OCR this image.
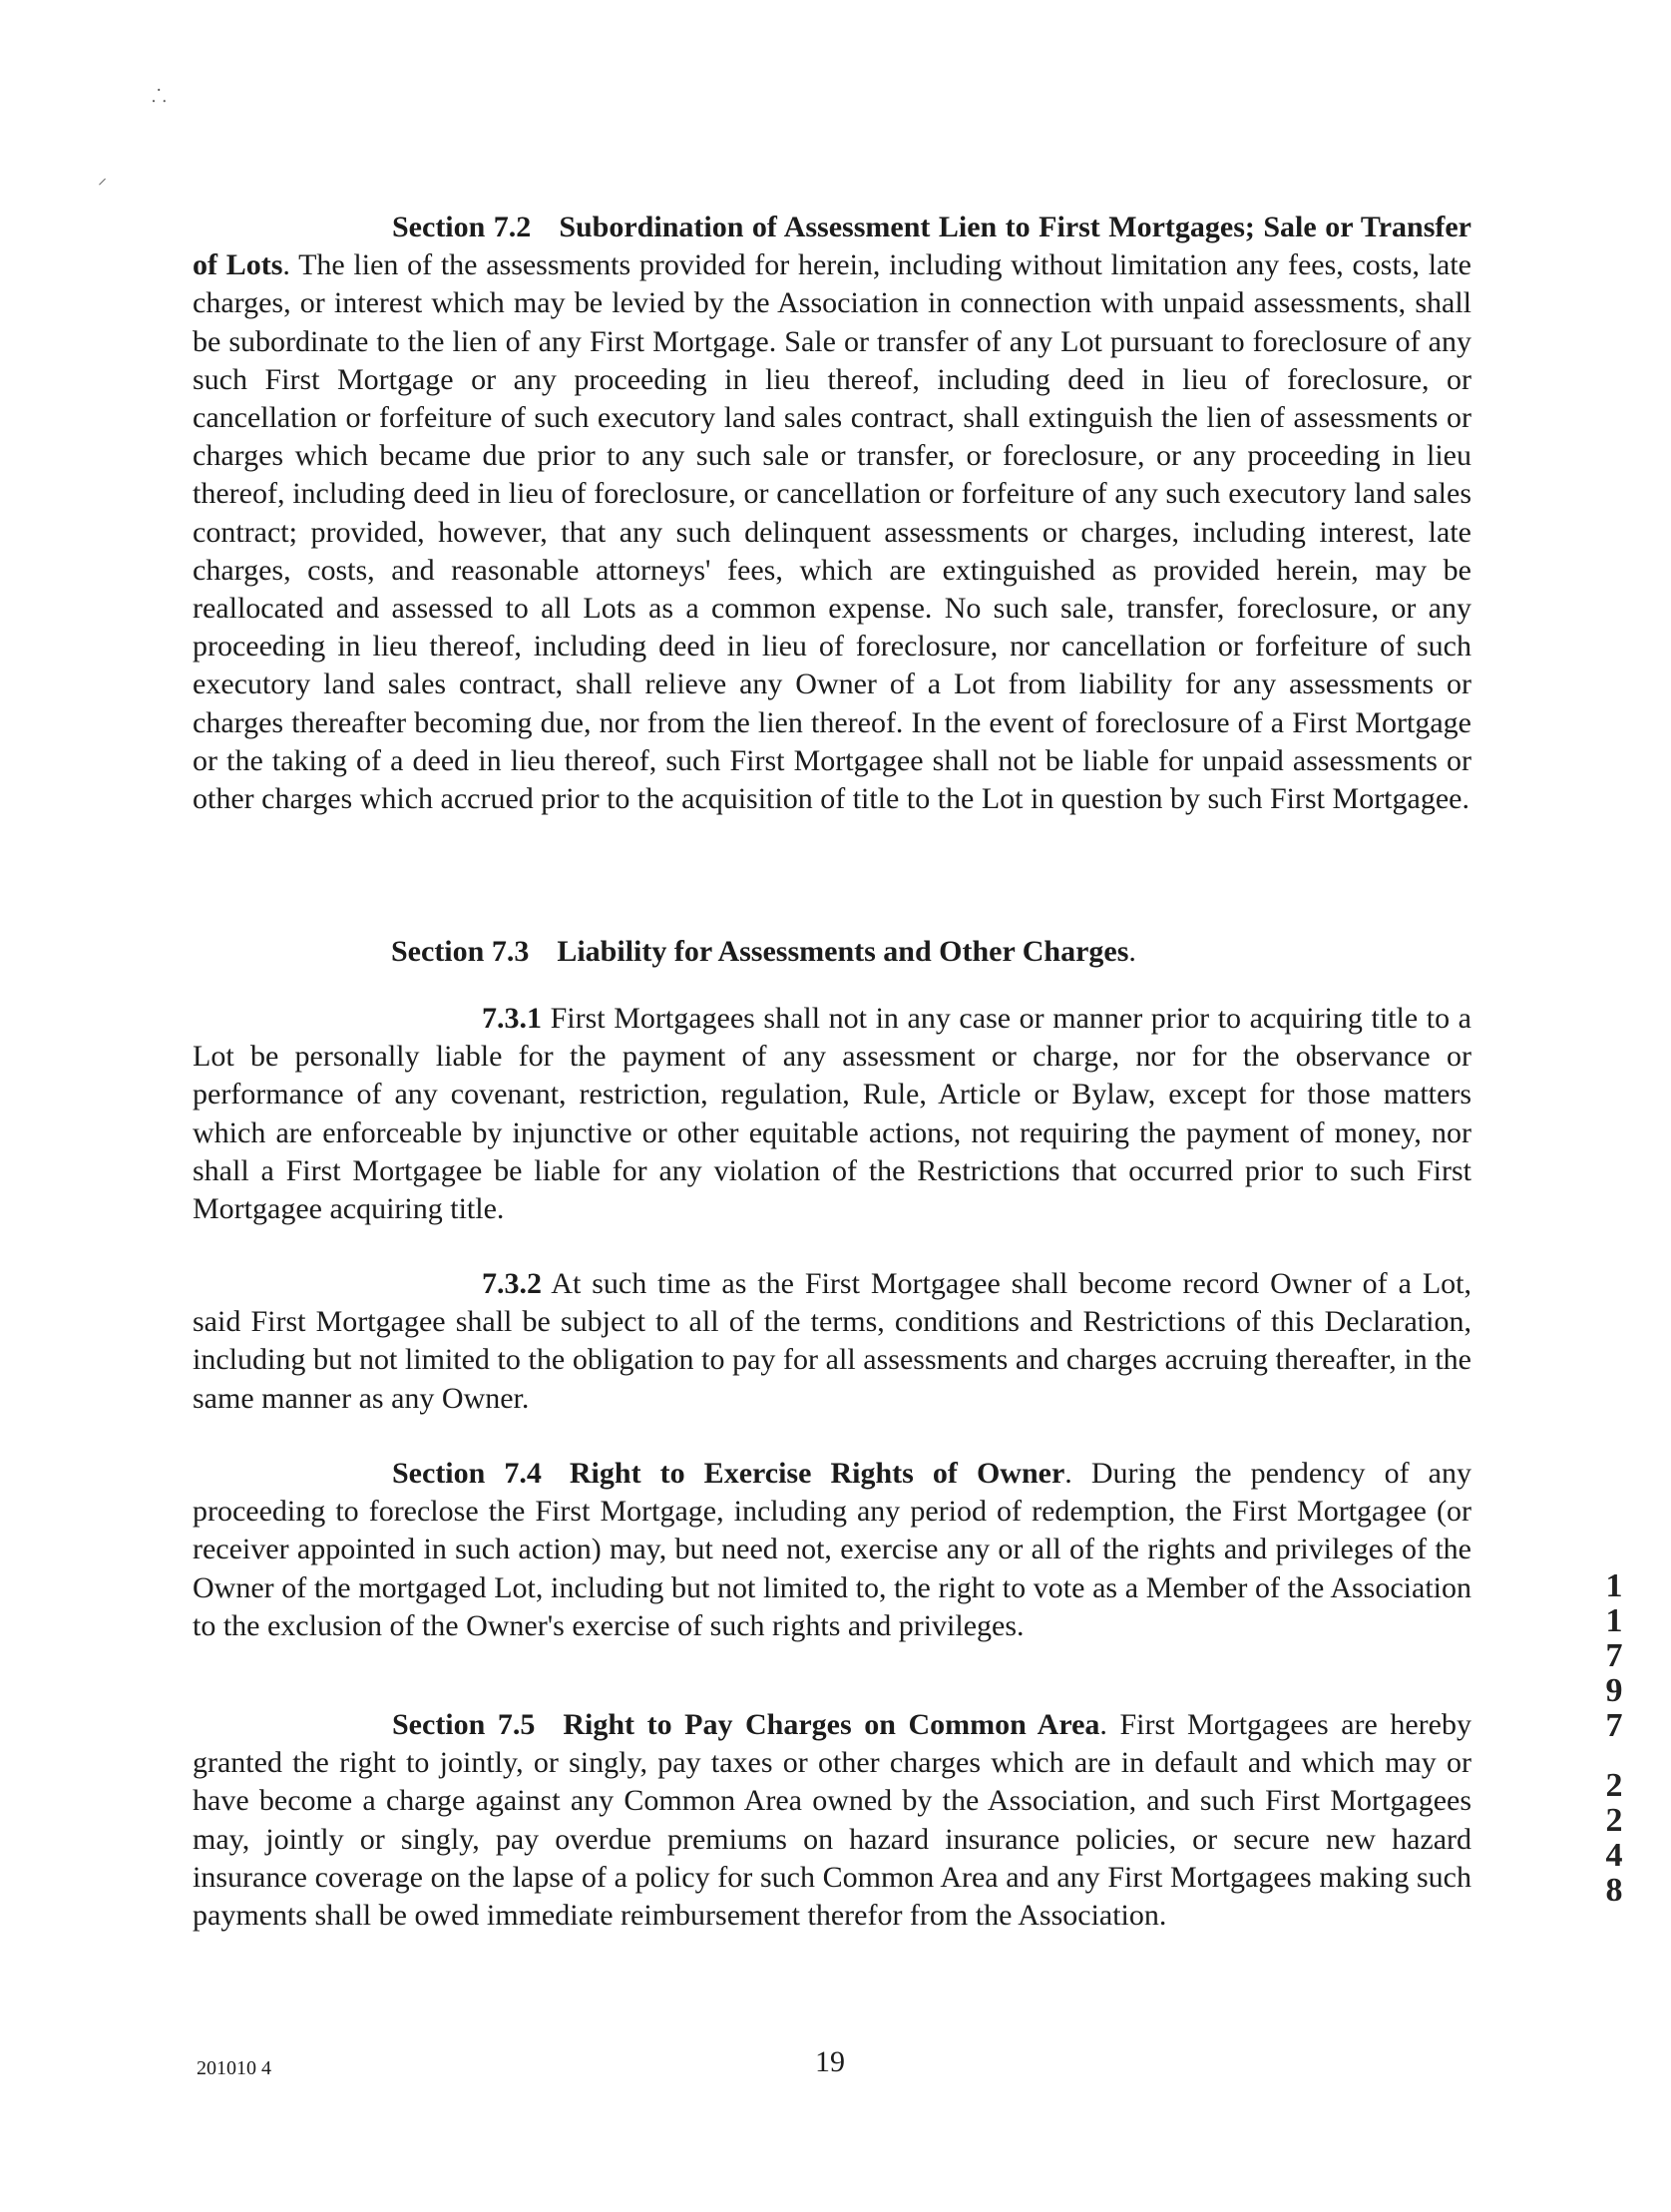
⸫
⸝

Section 7.2 Subordination of Assessment Lien to First Mortgages; Sale or Transfer of Lots. The lien of the assessments provided for herein, including without limitation any fees, costs, late charges, or interest which may be levied by the Association in connection with unpaid assessments, shall be subordinate to the lien of any First Mortgage. Sale or transfer of any Lot pursuant to foreclosure of any such First Mortgage or any proceeding in lieu thereof, including deed in lieu of foreclosure, or cancellation or forfeiture of such executory land sales contract, shall extinguish the lien of assessments or charges which became due prior to any such sale or transfer, or foreclosure, or any proceeding in lieu thereof, including deed in lieu of foreclosure, or cancellation or forfeiture of any such executory land sales contract; provided, however, that any such delinquent assessments or charges, including interest, late charges, costs, and reasonable attorneys' fees, which are extinguished as provided herein, may be reallocated and assessed to all Lots as a common expense. No such sale, transfer, foreclosure, or any proceeding in lieu thereof, including deed in lieu of foreclosure, nor cancellation or forfeiture of such executory land sales contract, shall relieve any Owner of a Lot from liability for any assessments or charges thereafter becoming due, nor from the lien thereof. In the event of foreclosure of a First Mortgage or the taking of a deed in lieu thereof, such First Mortgagee shall not be liable for unpaid assessments or other charges which accrued prior to the acquisition of title to the Lot in question by such First Mortgagee.

Section 7.3 Liability for Assessments and Other Charges.

7.3.1 First Mortgagees shall not in any case or manner prior to acquiring title to a Lot be personally liable for the payment of any assessment or charge, nor for the observance or performance of any covenant, restriction, regulation, Rule, Article or Bylaw, except for those matters which are enforceable by injunctive or other equitable actions, not requiring the payment of money, nor shall a First Mortgagee be liable for any violation of the Restrictions that occurred prior to such First Mortgagee acquiring title.

7.3.2 At such time as the First Mortgagee shall become record Owner of a Lot, said First Mortgagee shall be subject to all of the terms, conditions and Restrictions of this Declaration, including but not limited to the obligation to pay for all assessments and charges accruing thereafter, in the same manner as any Owner.

Section 7.4 Right to Exercise Rights of Owner. During the pendency of any proceeding to foreclose the First Mortgage, including any period of redemption, the First Mortgagee (or receiver appointed in such action) may, but need not, exercise any or all of the rights and privileges of the Owner of the mortgaged Lot, including but not limited to, the right to vote as a Member of the Association to the exclusion of the Owner's exercise of such rights and privileges.

Section 7.5 Right to Pay Charges on Common Area. First Mortgagees are hereby granted the right to jointly, or singly, pay taxes or other charges which are in default and which may or have become a charge against any Common Area owned by the Association, and such First Mortgagees may, jointly or singly, pay overdue premiums on hazard insurance policies, or secure new hazard insurance coverage on the lapse of a policy for such Common Area and any First Mortgagees making such payments shall be owed immediate reimbursement therefor from the Association.

1
1
7
9
7
2
2
4
8

201010 4	19
